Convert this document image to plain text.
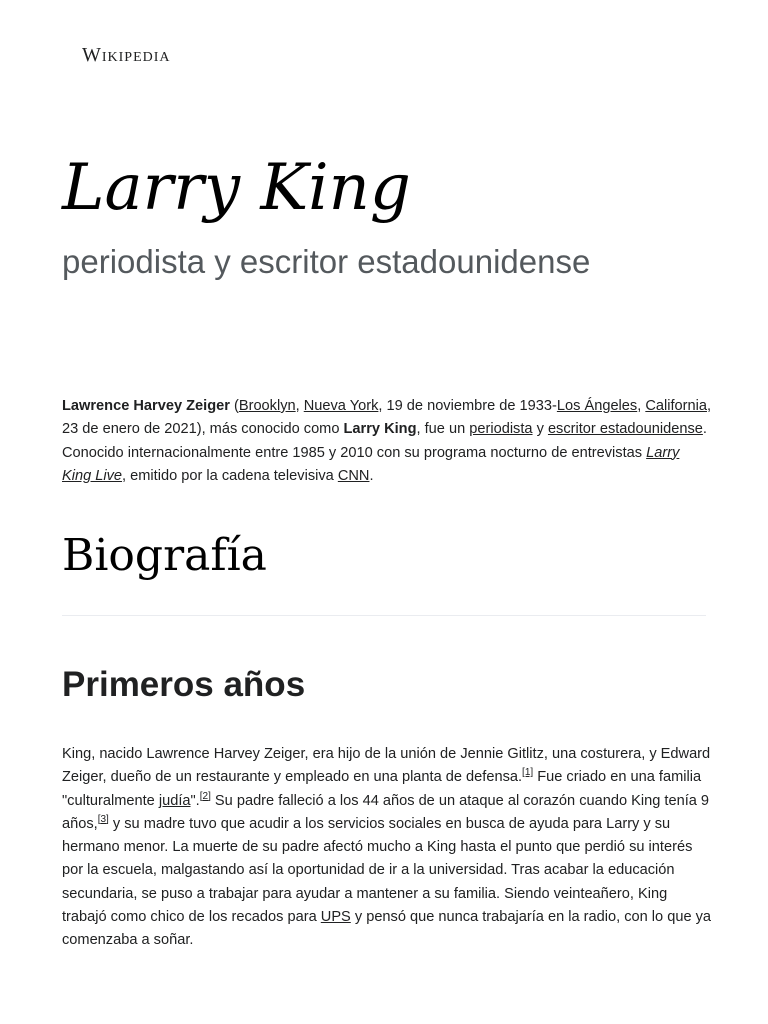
Wikipedia
Larry King

periodista y escritor estadounidense

Lawrence Harvey Zeiger (Brooklyn, Nueva York, 19 de noviembre de 1933-Los Ángeles, California, 23 de enero de 2021), más conocido como Larry King, fue un periodista y escritor estadounidense. Conocido internacionalmente entre 1985 y 2010 con su programa nocturno de entrevistas Larry King Live, emitido por la cadena televisiva CNN.

Biografía
Primeros años

King, nacido Lawrence Harvey Zeiger, era hijo de la unión de Jennie Gitlitz, una costurera, y Edward Zeiger, dueño de un restaurante y empleado en una planta de defensa.[1] Fue criado en una familia "culturalmente judía".[2] Su padre falleció a los 44 años de un ataque al corazón cuando King tenía 9 años,[3] y su madre tuvo que acudir a los servicios sociales en busca de ayuda para Larry y su hermano menor. La muerte de su padre afectó mucho a King hasta el punto que perdió su interés por la escuela, malgastando así la oportunidad de ir a la universidad. Tras acabar la educación secundaria, se puso a trabajar para ayudar a mantener a su familia. Siendo veinteañero, King trabajó como chico de los recados para UPS y pensó que nunca trabajaría en la radio, con lo que ya comenzaba a soñar.
